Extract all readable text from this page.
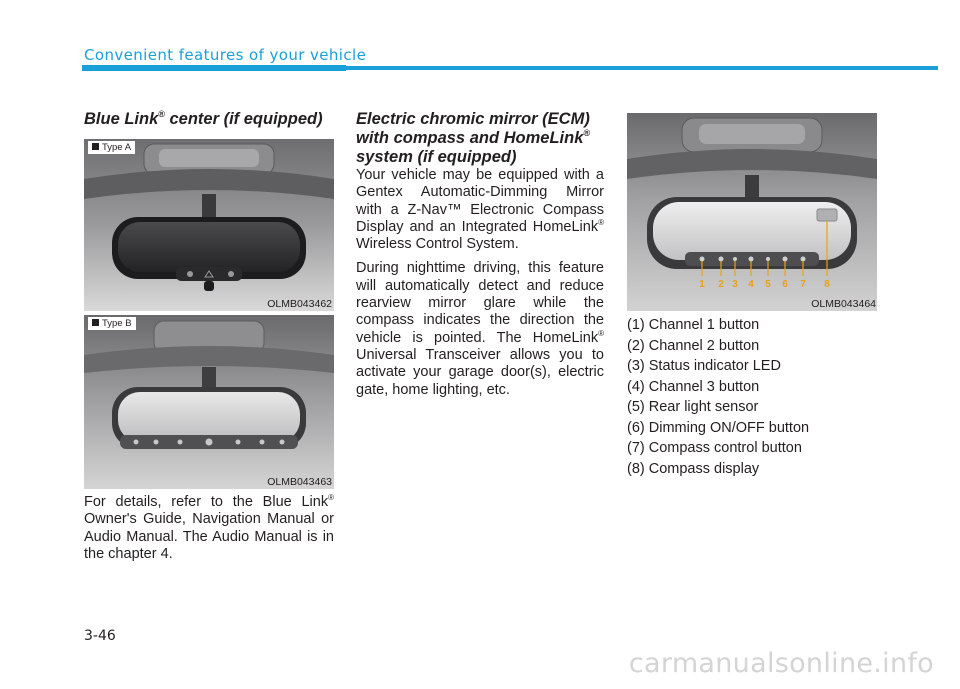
Convenient features of your vehicle
Blue Link® center (if equipped)
Type A
OLMB043462
Type B
OLMB043463

For details, refer to the Blue Link® Owner's Guide, Navigation Manual or Audio Manual. The Audio Manual is in the chapter 4.

Electric chromic mirror (ECM)
with compass and HomeLink®
system (if equipped)

Your vehicle may be equipped with a Gentex Automatic-Dimming Mirror with a Z-Nav™ Electronic Compass Display and an Integrated HomeLink® Wireless Control System.

During nighttime driving, this feature will automatically detect and reduce rearview mirror glare while the compass indicates the direction the vehicle is pointed. The HomeLink® Universal Transceiver allows you to activate your garage door(s), electric gate, home lighting, etc.

1 2 3 4 5 6 7 8
OLMB043464
(1) Channel 1 button
(2) Channel 2 button
(3) Status indicator LED
(4) Channel 3 button
(5) Rear light sensor
(6) Dimming ON/OFF button
(7) Compass control button
(8) Compass display
3-46
carmanualsonline.info
